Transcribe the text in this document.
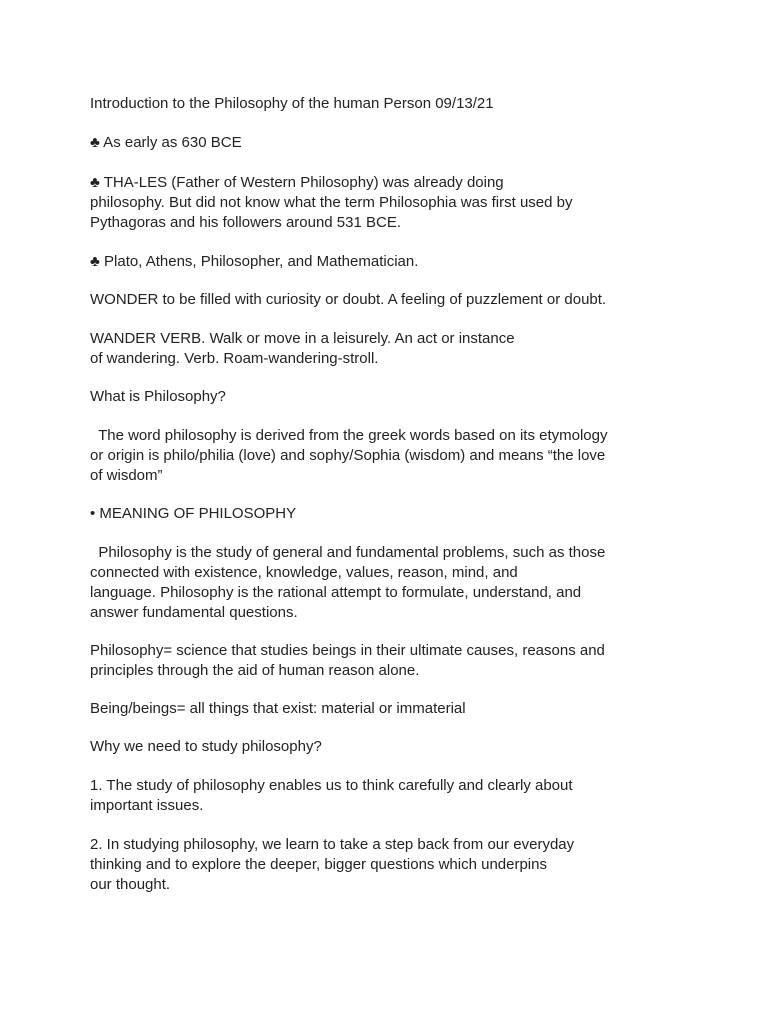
Introduction to the Philosophy of the human Person 09/13/21

♣ As early as 630 BCE

♣ THA-LES (Father of Western Philosophy) was already doing

philosophy. But did not know what the term Philosophia was first used by

Pythagoras and his followers around 531 BCE.

♣ Plato, Athens, Philosopher, and Mathematician.

WONDER to be filled with curiosity or doubt. A feeling of puzzlement or doubt.

WANDER VERB. Walk or move in a leisurely. An act or instance

of wandering. Verb. Roam-wandering-stroll.

What is Philosophy?

The word philosophy is derived from the greek words based on its etymology

or origin is philo/philia (love) and sophy/Sophia (wisdom) and means “the love

of wisdom”

• MEANING OF PHILOSOPHY

Philosophy is the study of general and fundamental problems, such as those

connected with existence, knowledge, values, reason, mind, and

language. Philosophy is the rational attempt to formulate, understand, and

answer fundamental questions.

Philosophy= science that studies beings in their ultimate causes, reasons and

principles through the aid of human reason alone.

Being/beings= all things that exist: material or immaterial

Why we need to study philosophy?

1. The study of philosophy enables us to think carefully and clearly about

important issues.

2. In studying philosophy, we learn to take a step back from our everyday

thinking and to explore the deeper, bigger questions which underpins

our thought.
